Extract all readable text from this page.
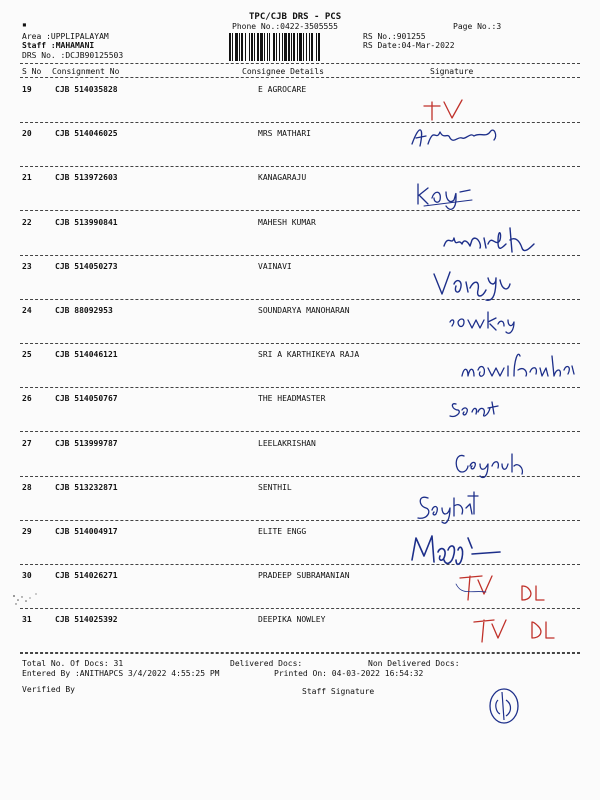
▪
TPC/CJB DRS - PCS
Phone No.:0422-3505555	Page No.:3
Area :UPPLIPALAYAM
Staff :MAHAMANI
DRS No. :DCJB90125503
RS No.:901255
RS Date:04-Mar-2022
S No Consignment No	Consignee Details	Signature
19	CJB 514035828	E AGROCARE
20	CJB 514046025	MRS MATHARI
21	CJB 513972603	KANAGARAJU
22	CJB 513990841	MAHESH KUMAR
23	CJB 514050273	VAINAVI
24	CJB 88092953	SOUNDARYA MANOHARAN
25	CJB 514046121	SRI A KARTHIKEYA RAJA
26	CJB 514050767	THE HEADMASTER
27	CJB 513999787	LEELAKRISHAN
28	CJB 513232871	SENTHIL
29	CJB 514004917	ELITE ENGG
30	CJB 514026271	PRADEEP SUBRAMANIAN
31	CJB 514025392	DEEPIKA NOWLEY
Total No. Of Docs: 31	Delivered Docs:	Non Delivered Docs:
Entered By :ANITHAPCS 3/4/2022 4:55:25 PM	Printed On: 04-03-2022 16:54:32
Verified By	Staff Signature
